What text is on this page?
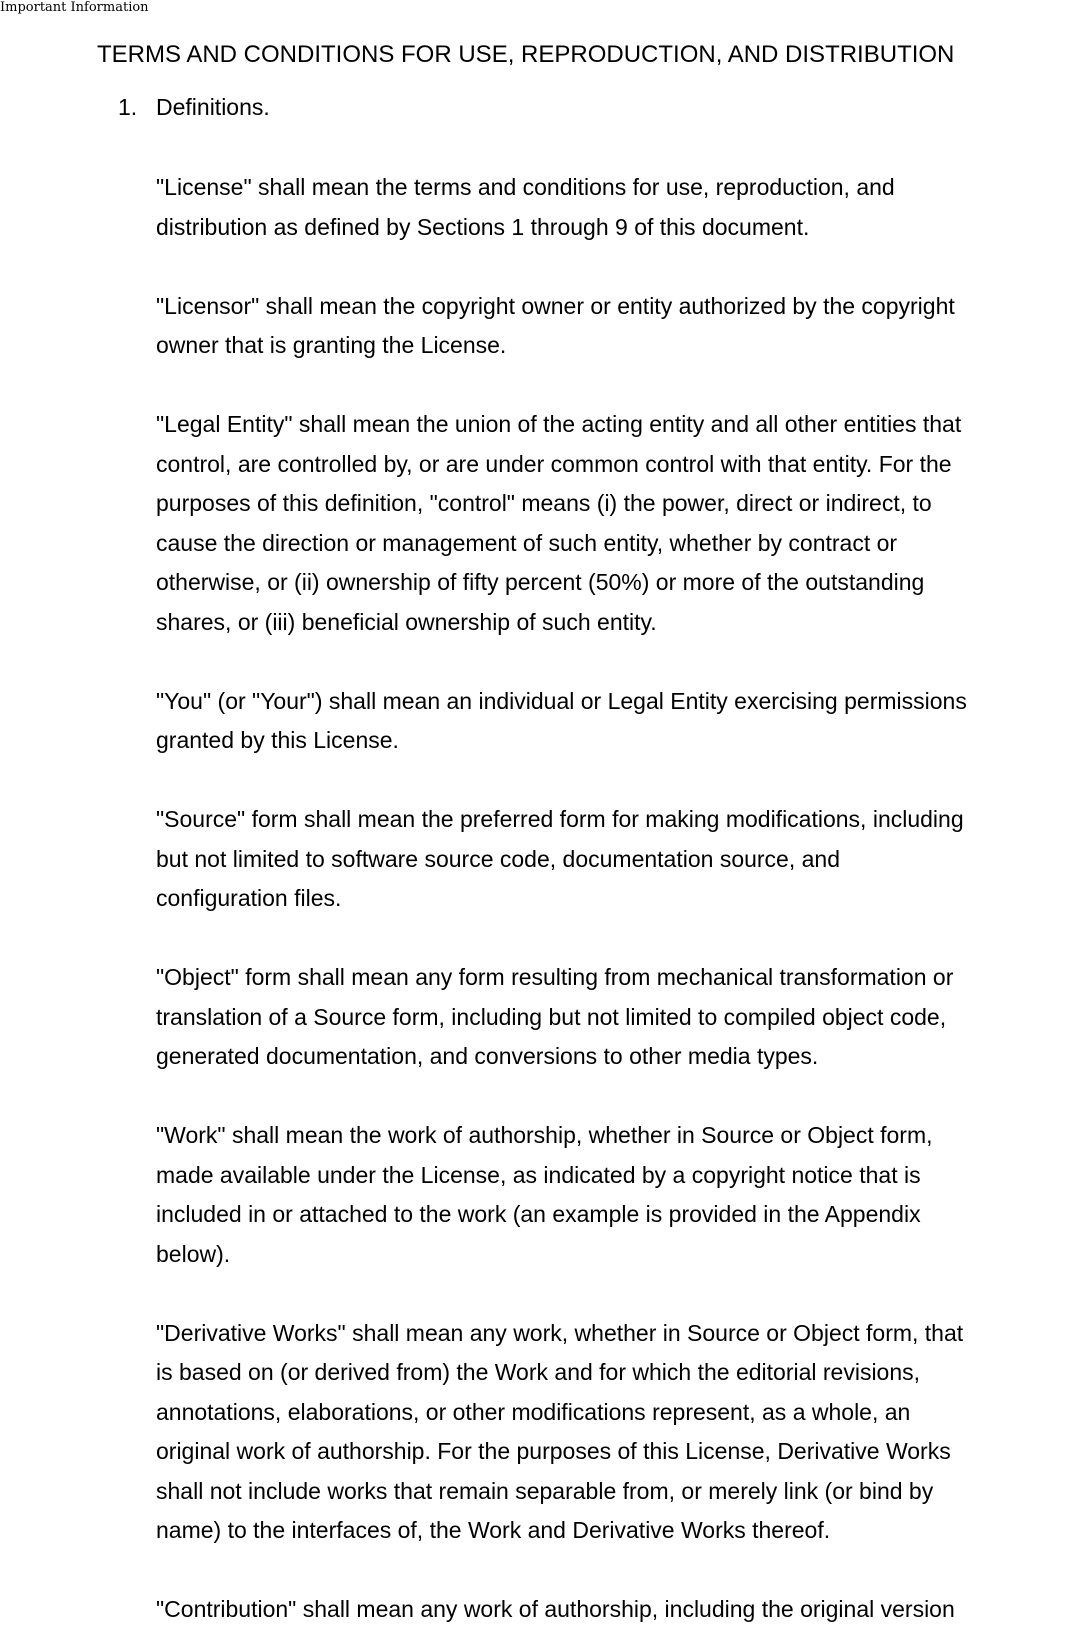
Important Information
TERMS AND CONDITIONS FOR USE, REPRODUCTION, AND DISTRIBUTION
1. Definitions.

"License" shall mean the terms and conditions for use, reproduction, and
distribution as defined by Sections 1 through 9 of this document.

"Licensor" shall mean the copyright owner or entity authorized by the copyright
owner that is granting the License.

"Legal Entity" shall mean the union of the acting entity and all other entities that
control, are controlled by, or are under common control with that entity. For the
purposes of this definition, "control" means (i) the power, direct or indirect, to
cause the direction or management of such entity, whether by contract or
otherwise, or (ii) ownership of fifty percent (50%) or more of the outstanding
shares, or (iii) beneficial ownership of such entity.

"You" (or "Your") shall mean an individual or Legal Entity exercising permissions
granted by this License.

"Source" form shall mean the preferred form for making modifications, including
but not limited to software source code, documentation source, and
configuration files.

"Object" form shall mean any form resulting from mechanical transformation or
translation of a Source form, including but not limited to compiled object code,
generated documentation, and conversions to other media types.

"Work" shall mean the work of authorship, whether in Source or Object form,
made available under the License, as indicated by a copyright notice that is
included in or attached to the work (an example is provided in the Appendix
below).

"Derivative Works" shall mean any work, whether in Source or Object form, that
is based on (or derived from) the Work and for which the editorial revisions,
annotations, elaborations, or other modifications represent, as a whole, an
original work of authorship. For the purposes of this License, Derivative Works
shall not include works that remain separable from, or merely link (or bind by
name) to the interfaces of, the Work and Derivative Works thereof.

"Contribution" shall mean any work of authorship, including the original version
